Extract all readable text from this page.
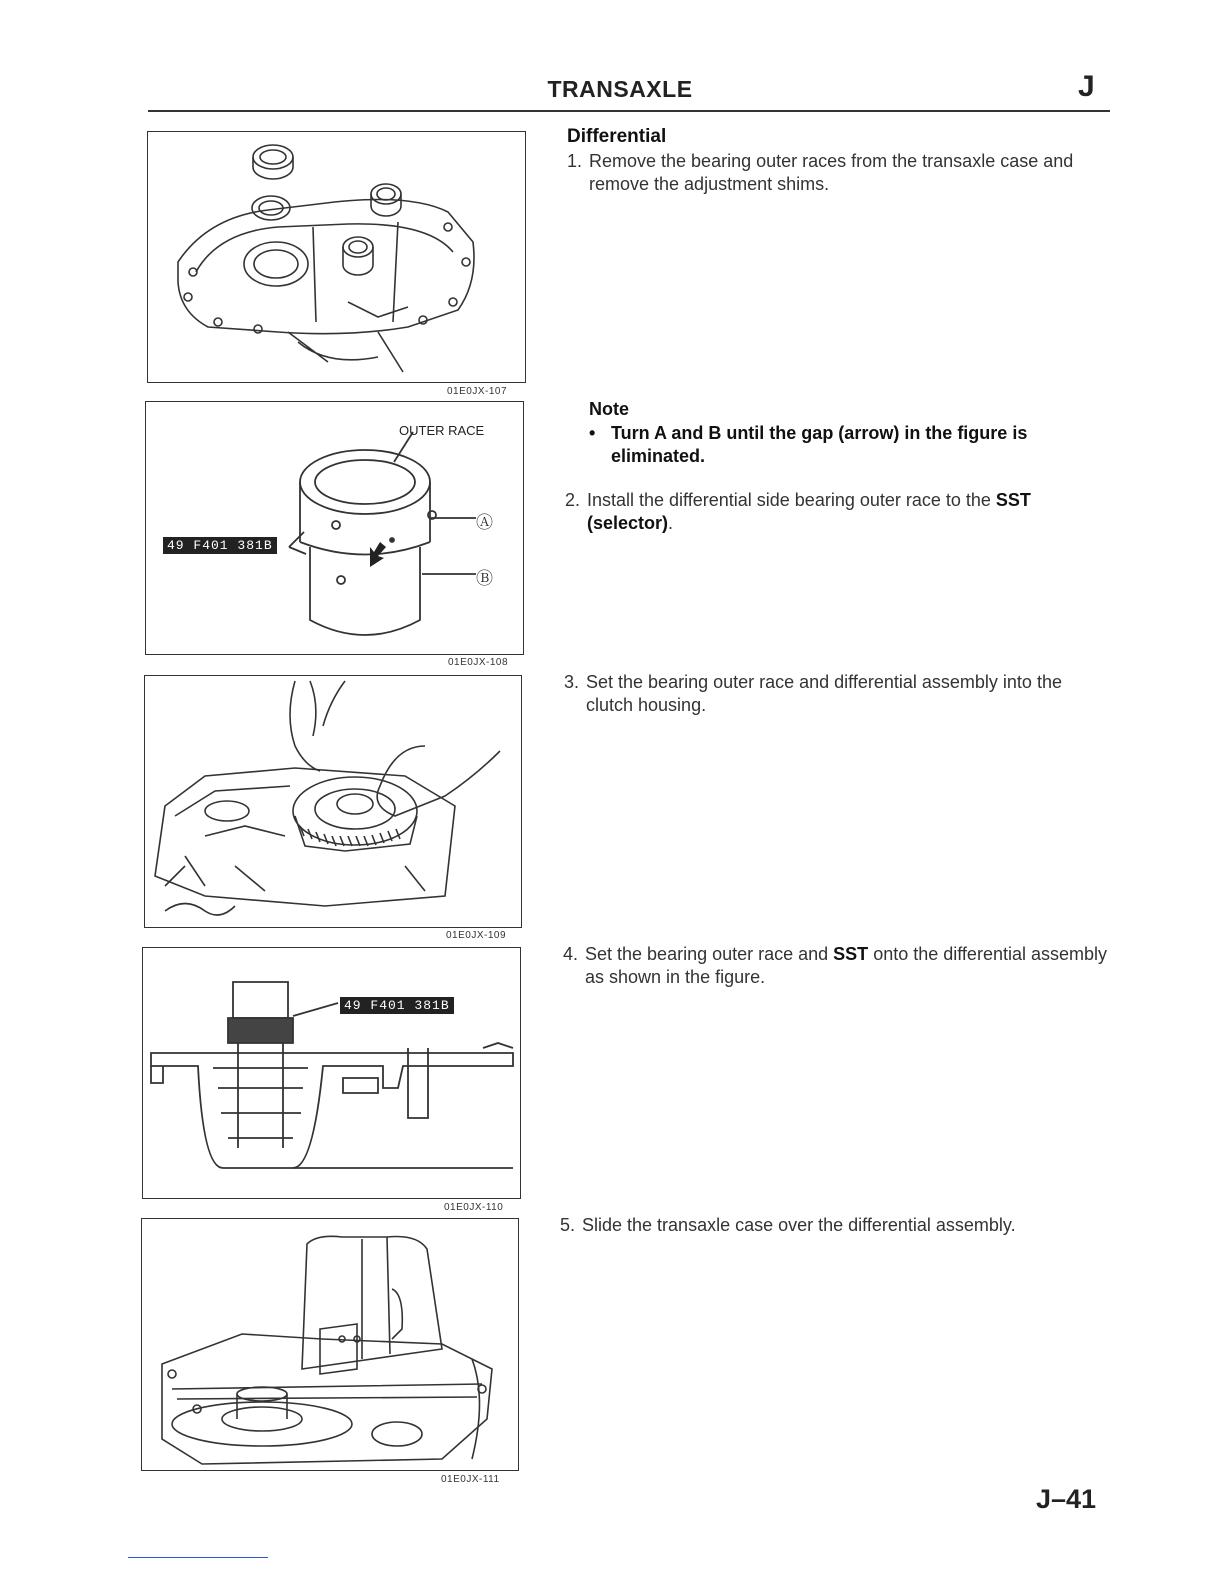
TRANSAXLE	J
01E0JX-107
OUTER RACE
49 F401 381B
Ⓐ
Ⓑ
01E0JX-108
01E0JX-109
49 F401 381B
01E0JX-110
01E0JX-111
Differential
1. Remove the bearing outer races from the transaxle case and remove the adjustment shims.
Note
• Turn A and B until the gap (arrow) in the figure is eliminated.
2. Install the differential side bearing outer race to the SST (selector).
3. Set the bearing outer race and differential assembly into the clutch housing.
4. Set the bearing outer race and SST onto the differential assembly as shown in the figure.
5. Slide the transaxle case over the differential assembly.
J–41
